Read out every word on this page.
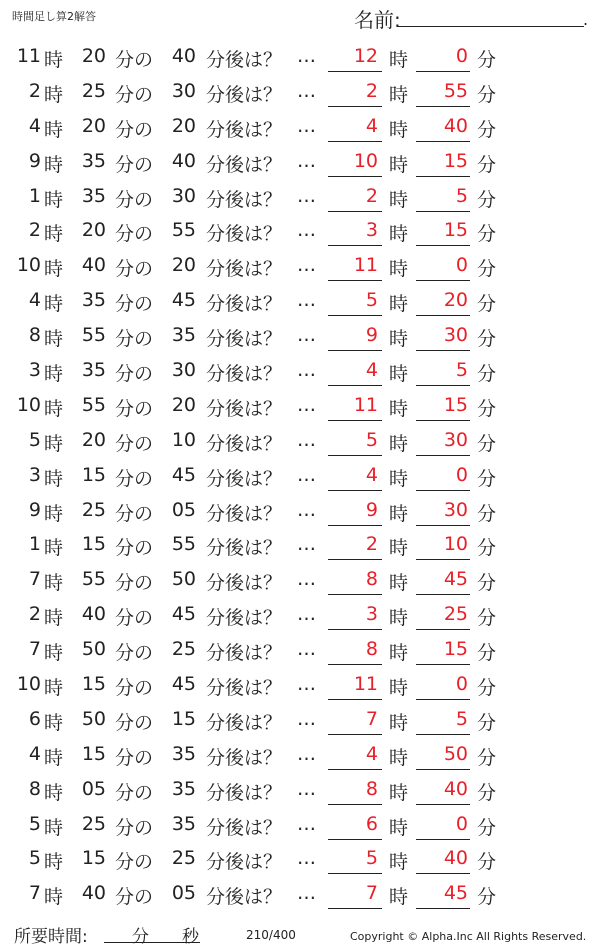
時間足し算2解答	名前:	.
11 時 20 分の 40 分後は？ …	12 時	0 分
2 時 25 分の 30 分後は？ …	2 時	55 分
4 時 20 分の 20 分後は？ …	4 時	40 分
9 時 35 分の 40 分後は？ …	10 時	15 分
1 時 35 分の 30 分後は？ …	2 時	5 分
2 時 20 分の 55 分後は？ …	3 時	15 分
10 時 40 分の 20 分後は？ …	11 時	0 分
4 時 35 分の 45 分後は？ …	5 時	20 分
8 時 55 分の 35 分後は？ …	9 時	30 分
3 時 35 分の 30 分後は？ …	4 時	5 分
10 時 55 分の 20 分後は？ …	11 時	15 分
5 時 20 分の 10 分後は？ …	5 時	30 分
3 時 15 分の 45 分後は？ …	4 時	0 分
9 時 25 分の 05 分後は？ …	9 時	30 分
1 時 15 分の 55 分後は？ …	2 時	10 分
7 時 55 分の 50 分後は？ …	8 時	45 分
2 時 40 分の 45 分後は？ …	3 時	25 分
7 時 50 分の 25 分後は？ …	8 時	15 分
10 時 15 分の 45 分後は？ …	11 時	0 分
6 時 50 分の 15 分後は？ …	7 時	5 分
4 時 15 分の 35 分後は？ …	4 時	50 分
8 時 05 分の 35 分後は？ …	8 時	40 分
5 時 25 分の 35 分後は？ …	6 時	0 分
5 時 15 分の 25 分後は？ …	5 時	40 分
7 時 40 分の 05 分後は？ …	7 時	45 分
所要時間:	分 秒	210/400	Copyright © Alpha.Inc All Rights Reserved.
